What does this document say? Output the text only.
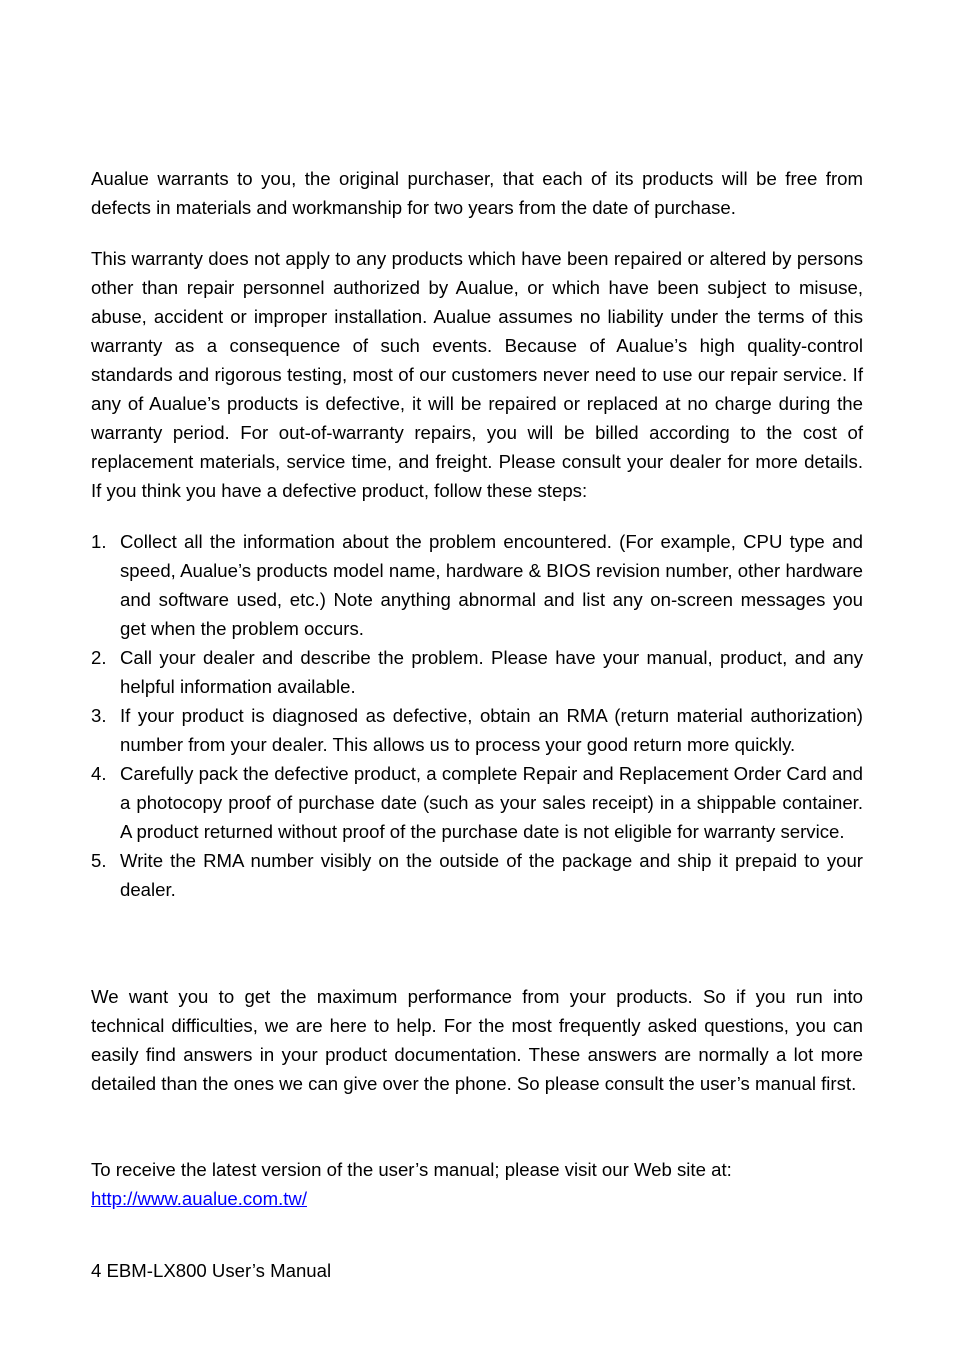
Aualue warrants to you, the original purchaser, that each of its products will be free from defects in materials and workmanship for two years from the date of purchase.

This warranty does not apply to any products which have been repaired or altered by persons other than repair personnel authorized by Aualue, or which have been subject to misuse, abuse, accident or improper installation. Aualue assumes no liability under the terms of this warranty as a consequence of such events. Because of Aualue’s high quality-control standards and rigorous testing, most of our customers never need to use our repair service. If any of Aualue’s products is defective, it will be repaired or replaced at no charge during the warranty period. For out-of-warranty repairs, you will be billed according to the cost of replacement materials, service time, and freight. Please consult your dealer for more details. If you think you have a defective product, follow these steps:

1. Collect all the information about the problem encountered. (For example, CPU type and speed, Aualue’s products model name, hardware & BIOS revision number, other hardware and software used, etc.) Note anything abnormal and list any on-screen messages you get when the problem occurs.
2. Call your dealer and describe the problem. Please have your manual, product, and any helpful information available.
3. If your product is diagnosed as defective, obtain an RMA (return material authorization) number from your dealer. This allows us to process your good return more quickly.
4. Carefully pack the defective product, a complete Repair and Replacement Order Card and a photocopy proof of purchase date (such as your sales receipt) in a shippable container. A product returned without proof of the purchase date is not eligible for warranty service.
5. Write the RMA number visibly on the outside of the package and ship it prepaid to your dealer.

We want you to get the maximum performance from your products. So if you run into technical difficulties, we are here to help. For the most frequently asked questions, you can easily find answers in your product documentation. These answers are normally a lot more detailed than the ones we can give over the phone. So please consult the user’s manual first.

To receive the latest version of the user’s manual; please visit our Web site at:

http://www.aualue.com.tw/
4 EBM-LX800 User’s Manual
